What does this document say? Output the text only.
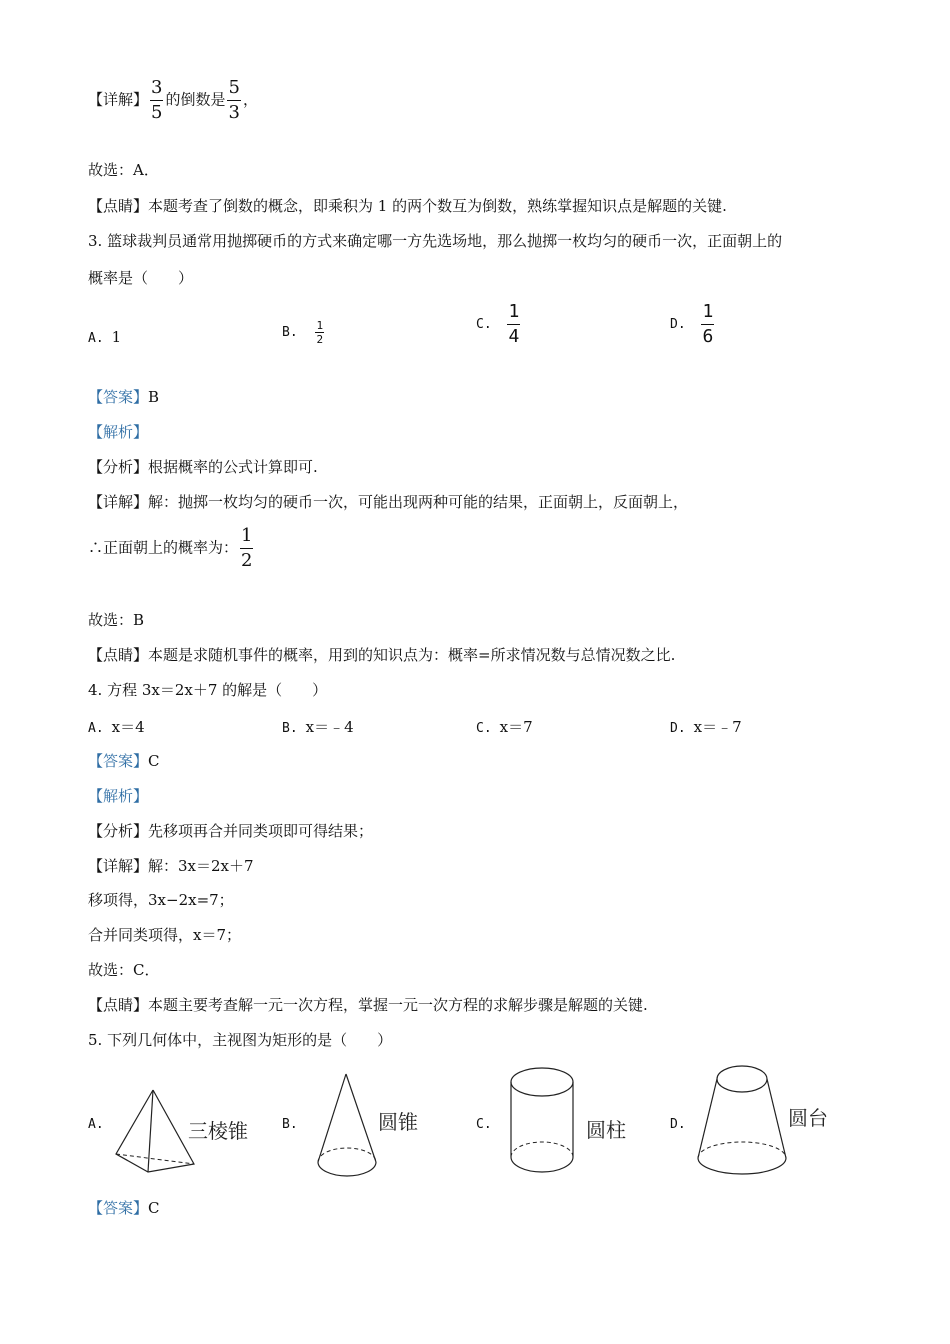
【详解】 $\frac{3}{5}$ 的倒数是 $\frac{5}{3}$ ，
故选：A．
【点睛】本题考查了倒数的概念，即乘积为 1 的两个数互为倒数，熟练掌握知识点是解题的关键.
3. 篮球裁判员通常用抛掷硬币的方式来确定哪一方先选场地，那么抛掷一枚均匀的硬币一次，正面朝上的
概率是（　　）
A. 1	B. $\frac{1}{2}$	C. $\frac{1}{4}$	D. $\frac{1}{6}$
【答案】B
【解析】
【分析】根据概率的公式计算即可.
【详解】解：抛掷一枚均匀的硬币一次，可能出现两种可能的结果，正面朝上，反面朝上，
∴正面朝上的概率为： $\frac{1}{2}$
故选：B
【点睛】本题是求随机事件的概率，用到的知识点为：概率=所求情况数与总情况数之比.
4. 方程 3x＝2x＋7 的解是（　　）
A. x＝4	B. x＝﹣4	C. x＝7	D. x＝﹣7
【答案】C
【解析】
【分析】先移项再合并同类项即可得结果；
【详解】解：3x＝2x＋7
移项得，3x−2x=7；
合并同类项得，x＝7；
故选：C．
【点睛】本题主要考查解一元一次方程，掌握一元一次方程的求解步骤是解题的关键.
5. 下列几何体中，主视图为矩形的是（　　）
A.	三棱锥	B.	圆锥	C.	圆柱	D.	圆台
【答案】C
